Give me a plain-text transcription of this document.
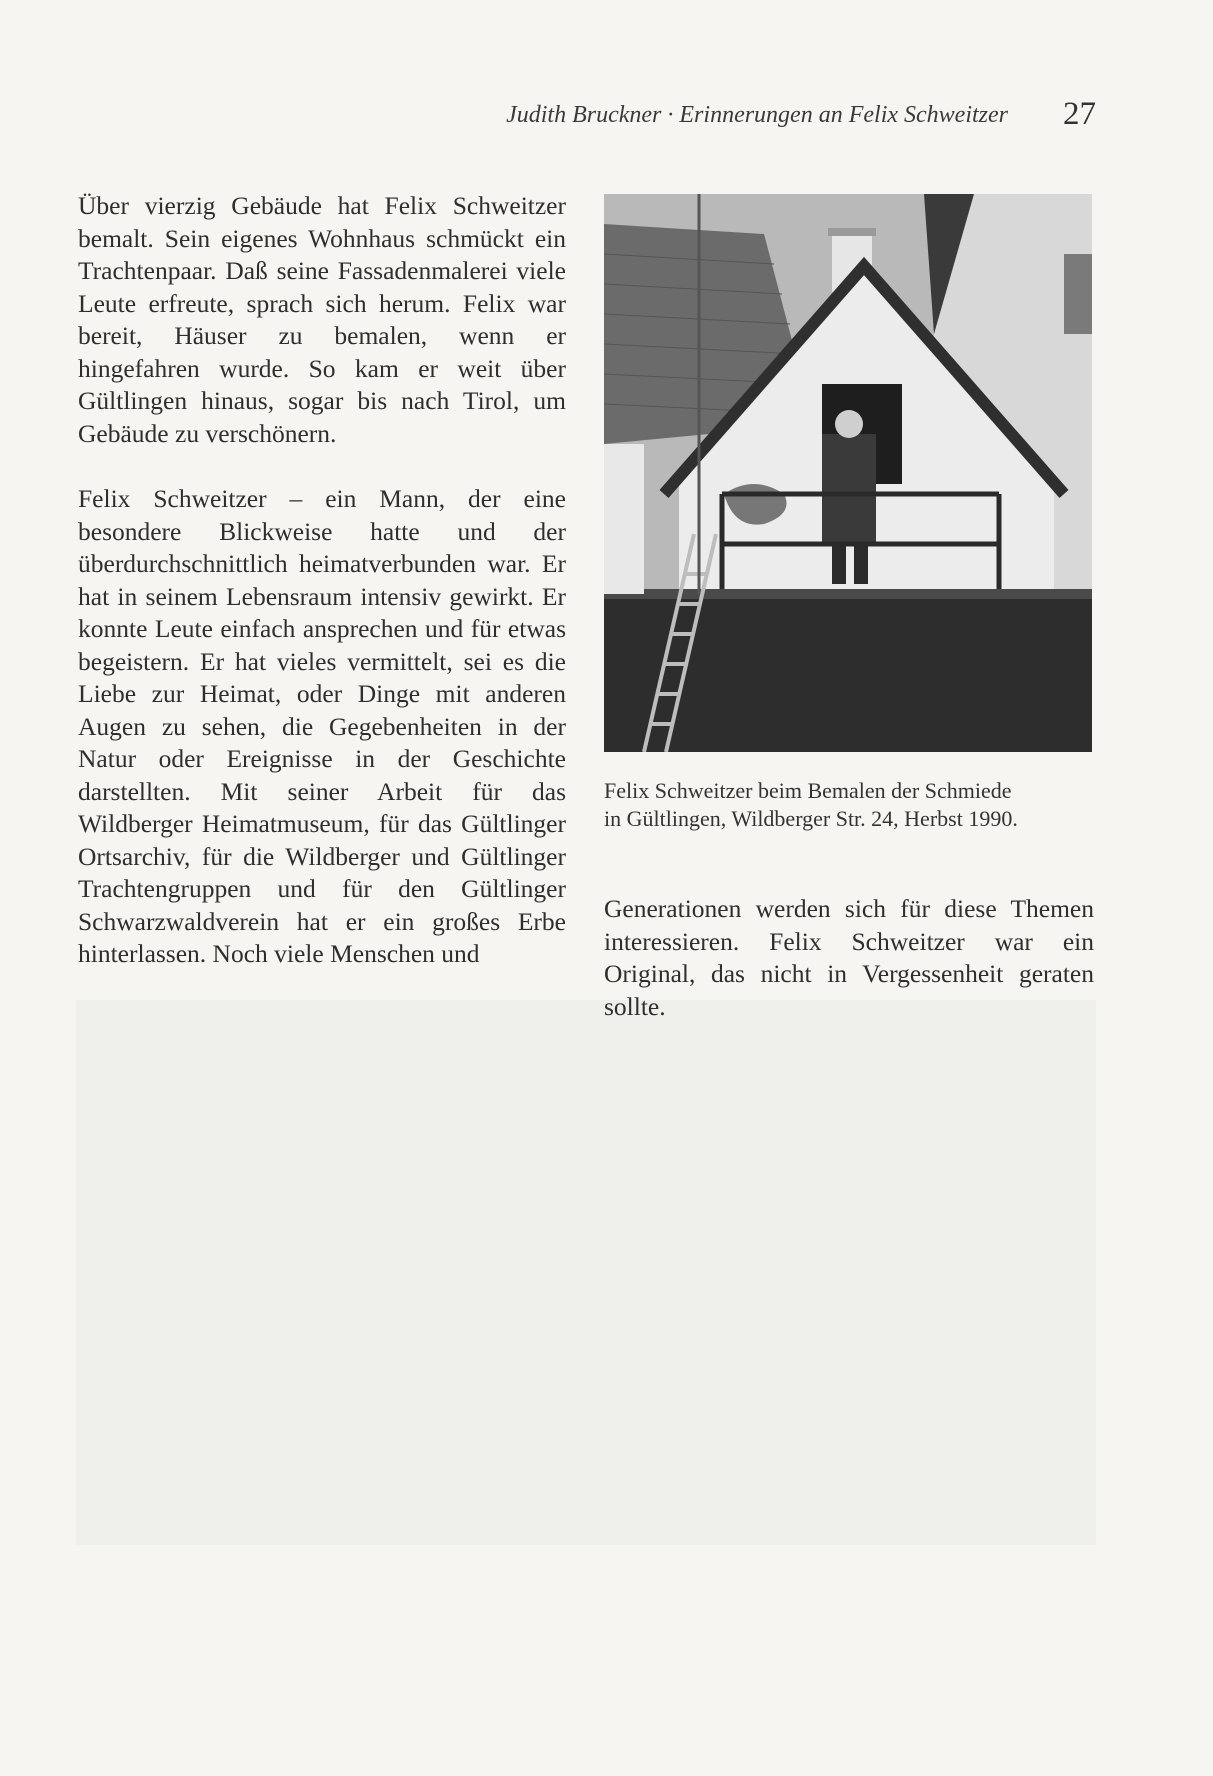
Judith Bruckner · Erinnerungen an Felix Schweitzer 27

Über vierzig Gebäude hat Felix Schweitzer bemalt. Sein eigenes Wohnhaus schmückt ein Trachtenpaar. Daß seine Fassadenmalerei viele Leute erfreute, sprach sich herum. Felix war bereit, Häuser zu bemalen, wenn er hingefahren wurde. So kam er weit über Gültlingen hinaus, sogar bis nach Tirol, um Gebäude zu verschönern.

Felix Schweitzer – ein Mann, der eine besondere Blickweise hatte und der überdurchschnittlich heimatverbunden war. Er hat in seinem Lebensraum intensiv gewirkt. Er konnte Leute einfach ansprechen und für etwas begeistern. Er hat vieles vermittelt, sei es die Liebe zur Heimat, oder Dinge mit anderen Augen zu sehen, die Gegebenheiten in der Natur oder Ereignisse in der Geschichte darstellten. Mit seiner Arbeit für das Wildberger Heimatmuseum, für das Gültlinger Ortsarchiv, für die Wildberger und Gültlinger Trachtengruppen und für den Gültlinger Schwarzwaldverein hat er ein großes Erbe hinterlassen. Noch viele Menschen und

Felix Schweitzer beim Bemalen der Schmiede
in Gültlingen, Wildberger Str. 24, Herbst 1990.

Generationen werden sich für diese Themen interessieren. Felix Schweitzer war ein Original, das nicht in Vergessenheit geraten sollte.
